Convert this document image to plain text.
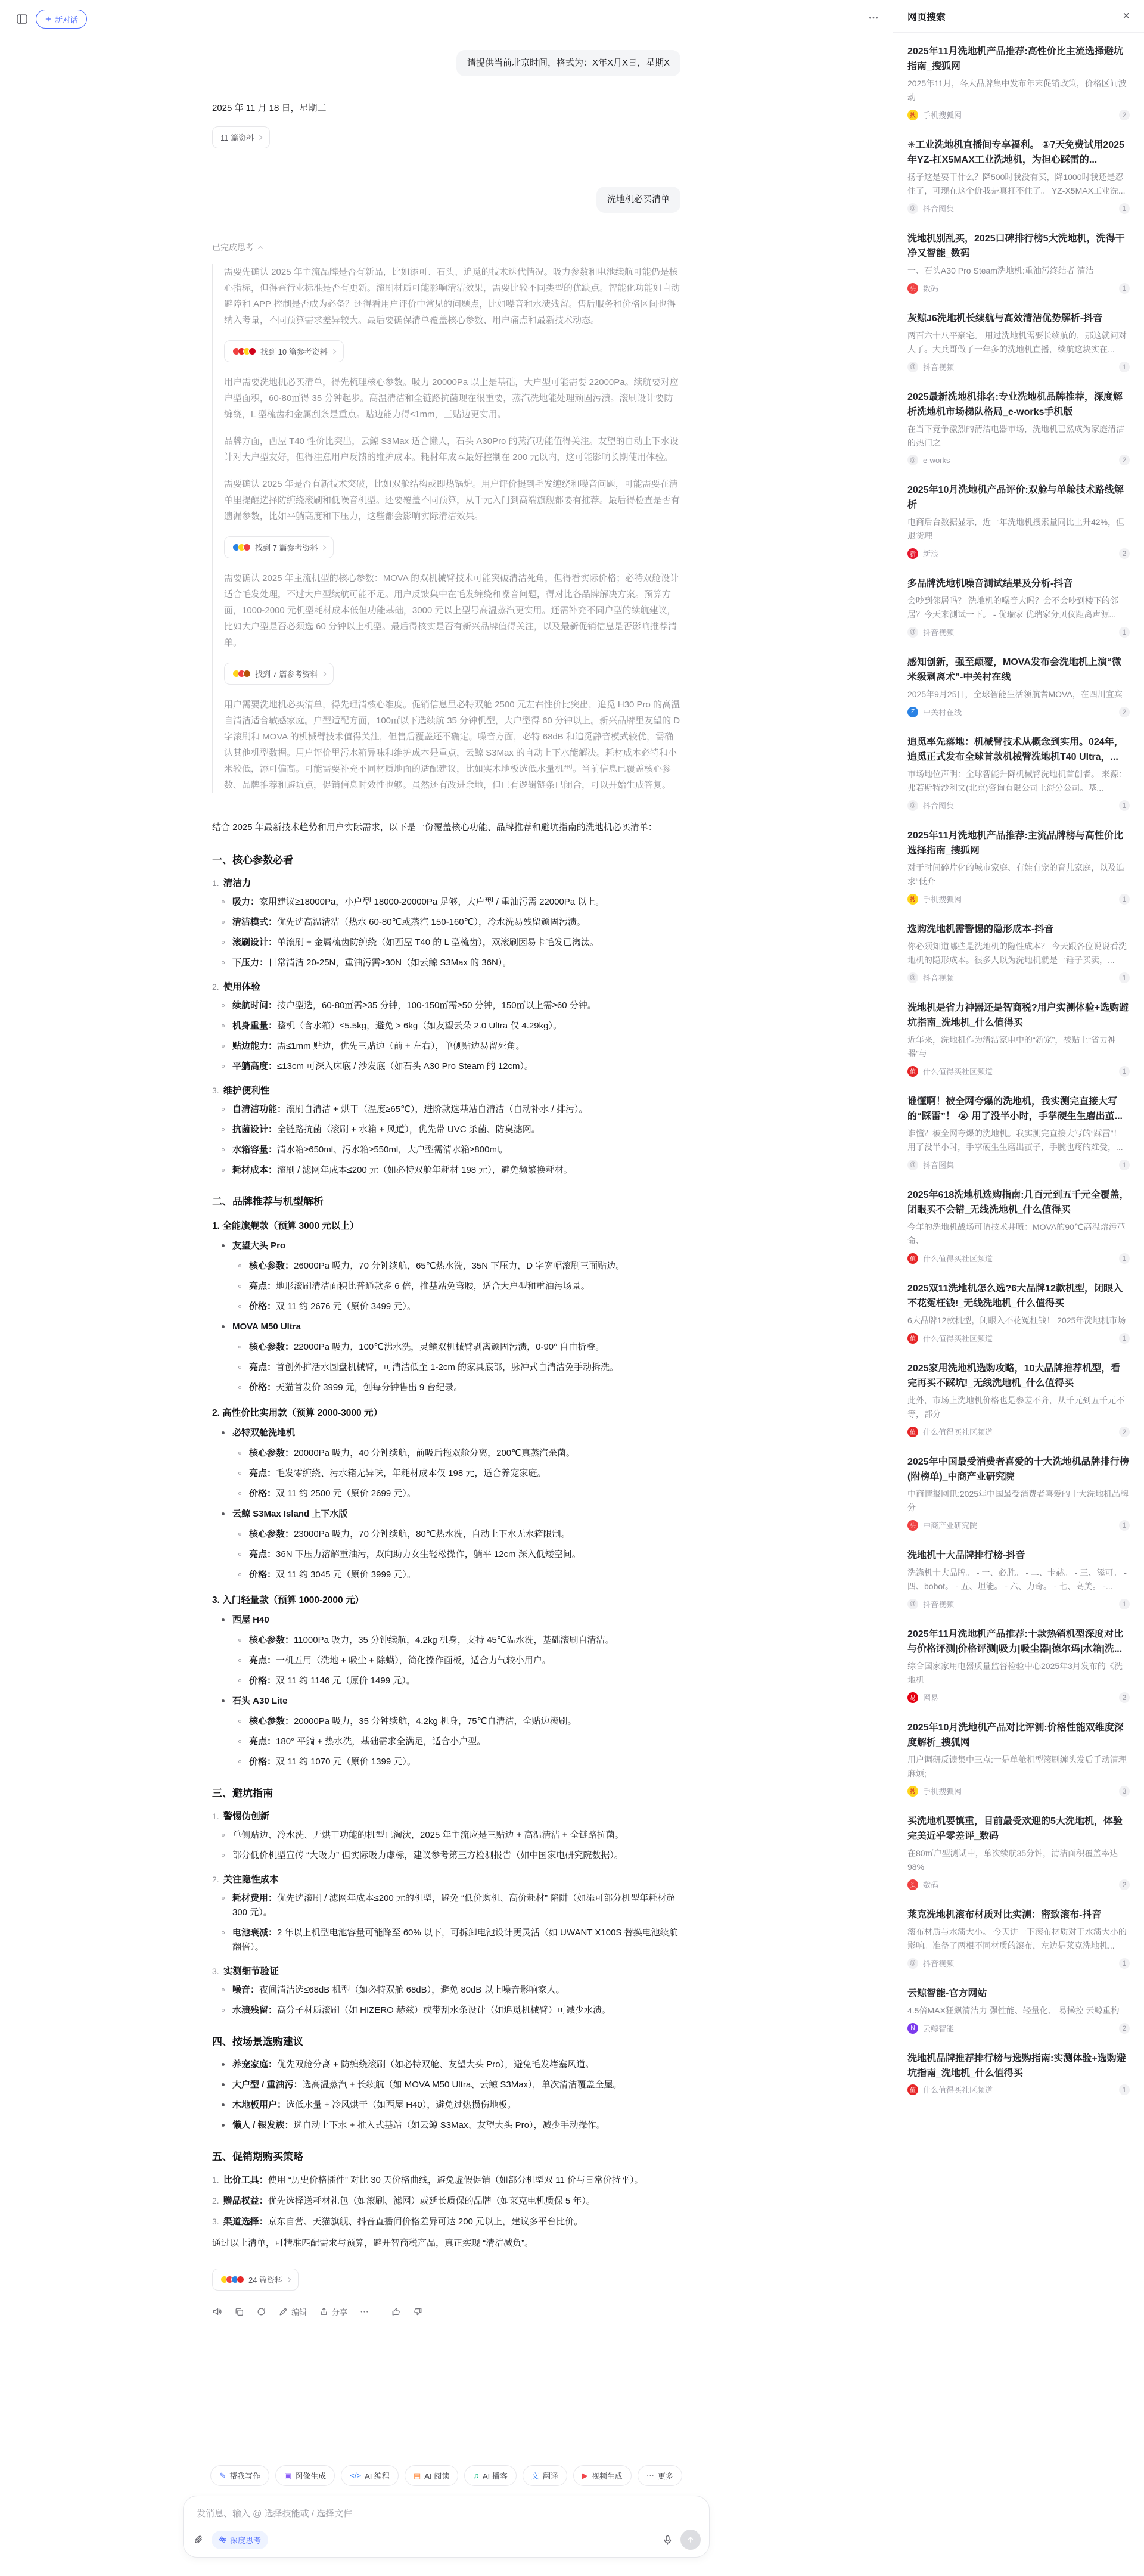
新对话
请提供当前北京时间，格式为：X年X月X日，星期X
2025 年 11 月 18 日，星期二
11 篇资料
洗地机必买清单
已完成思考
需要先确认 2025 年主流品牌是否有新品，比如添可、石头、追觅的技术迭代情况。吸力参数和电池续航可能仍是核心指标，但得查行业标准是否有更新。滚刷材质可能影响清洁效果，需要比较不同类型的优缺点。智能化功能如自动避障和 APP 控制是否成为必备？还得看用户评价中常见的问题点，比如噪音和水渍残留。售后服务和价格区间也得纳入考量，不同预算需求差异较大。最后要确保清单覆盖核心参数、用户痛点和最新技术动态。
找到 10 篇参考资料
用户需要洗地机必买清单，得先梳理核心参数。吸力 20000Pa 以上是基础，大户型可能需要 22000Pa。续航要对应户型面积，60-80㎡得 35 分钟起步。高温清洁和全链路抗菌现在很重要，蒸汽洗地能处理顽固污渍。滚刷设计要防缠绕，L 型梳齿和金属刮条是重点。贴边能力得≤1mm，三贴边更实用。
品牌方面，西屋 T40 性价比突出，云鲸 S3Max 适合懒人，石头 A30Pro 的蒸汽功能值得关注。友望的自动上下水设计对大户型友好，但得注意用户反馈的维护成本。耗材年成本最好控制在 200 元以内，这可能影响长期使用体验。
需要确认 2025 年是否有新技术突破，比如双舱结构或即热锅炉。用户评价提到毛发缠绕和噪音问题，可能需要在清单里提醒选择防缠绕滚刷和低噪音机型。还要覆盖不同预算，从千元入门到高端旗舰都要有推荐。最后得检查是否有遗漏参数，比如平躺高度和下压力，这些都会影响实际清洁效果。
找到 7 篇参考资料
需要确认 2025 年主流机型的核心参数：MOVA 的双机械臂技术可能突破清洁死角，但得看实际价格；必特双舱设计适合毛发处理，不过大户型续航可能不足。用户反馈集中在毛发缠绕和噪音问题，得对比各品牌解决方案。预算方面，1000-2000 元机型耗材成本低但功能基础，3000 元以上型号高温蒸汽更实用。还需补充不同户型的续航建议，比如大户型是否必须选 60 分钟以上机型。最后得核实是否有新兴品牌值得关注，以及最新促销信息是否影响推荐清单。
找到 7 篇参考资料
用户需要洗地机必买清单，得先理清核心维度。促销信息里必特双舱 2500 元左右性价比突出，追觅 H30 Pro 的高温自清洁适合敏感家庭。户型适配方面，100㎡以下选续航 35 分钟机型，大户型得 60 分钟以上。新兴品牌里友望的 D 字滚刷和 MOVA 的机械臂技术值得关注，但售后覆盖还不确定。噪音方面，必特 68dB 和追觅静音模式较优，需确认其他机型数据。用户评价里污水箱异味和维护成本是重点，云鲸 S3Max 的自动上下水能解决。耗材成本必特和小米较低，添可偏高。可能需要补充不同材质地面的适配建议，比如实木地板选低水量机型。当前信息已覆盖核心参数、品牌推荐和避坑点，促销信息时效性也够。虽然还有改进余地，但已有逻辑链条已闭合，可以开始生成答复。
结合 2025 年最新技术趋势和用户实际需求，以下是一份覆盖核心功能、品牌推荐和避坑指南的洗地机必买清单：
一、核心参数必看
1. 清洁力
吸力：家用建议≥18000Pa，小户型 18000-20000Pa 足够，大户型 / 重油污需 22000Pa 以上。
清洁模式：优先选高温清洁（热水 60-80℃或蒸汽 150-160℃），冷水洗易残留顽固污渍。
滚刷设计：单滚刷 + 金属梳齿防缠绕（如西屋 T40 的 L 型梳齿），双滚刷因易卡毛发已淘汰。
下压力：日常清洁 20-25N，重油污需≥30N（如云鲸 S3Max 的 36N）。
2. 使用体验
续航时间：按户型选，60-80㎡需≥35 分钟，100-150㎡需≥50 分钟，150㎡以上需≥60 分钟。
机身重量：整机（含水箱）≤5.5kg，避免 > 6kg（如友望云朵 2.0 Ultra 仅 4.29kg）。
贴边能力：需≤1mm 贴边，优先三贴边（前 + 左右），单侧贴边易留死角。
平躺高度：≤13cm 可深入床底 / 沙发底（如石头 A30 Pro Steam 的 12cm）。
3. 维护便利性
自清洁功能：滚刷自清洁 + 烘干（温度≥65℃），进阶款选基站自清洁（自动补水 / 排污）。
抗菌设计：全链路抗菌（滚刷 + 水箱 + 风道），优先带 UVC 杀菌、防臭滤网。
水箱容量：清水箱≥650ml、污水箱≥550ml，大户型需清水箱≥800ml。
耗材成本：滚刷 / 滤网年成本≤200 元（如必特双舱年耗材 198 元），避免频繁换耗材。
二、品牌推荐与机型解析
1. 全能旗舰款（预算 3000 元以上）
友望大头 Pro
核心参数：26000Pa 吸力，70 分钟续航，65℃热水洗，35N 下压力，D 字宽幅滚刷三面贴边。
亮点：地形滚刷清洁面积比普通款多 6 倍，推基站免弯腰，适合大户型和重油污场景。
价格：双 11 约 2676 元（原价 3499 元）。
MOVA M50 Ultra
核心参数：22000Pa 吸力，100℃沸水洗，灵鳍双机械臂剥离顽固污渍，0-90° 自由折叠。
亮点：首创外扩活水圆盘机械臂，可清洁低至 1-2cm 的家具底部，脉冲式自清洁免手动拆洗。
价格：天猫首发价 3999 元，创每分钟售出 9 台纪录。
2. 高性价比实用款（预算 2000-3000 元）
必特双舱洗地机
核心参数：20000Pa 吸力，40 分钟续航，前吸后拖双舱分离，200℃真蒸汽杀菌。
亮点：毛发零缠绕、污水箱无异味，年耗材成本仅 198 元，适合养宠家庭。
价格：双 11 约 2500 元（原价 2699 元）。
云鲸 S3Max Island 上下水版
核心参数：23000Pa 吸力，70 分钟续航，80℃热水洗，自动上下水无水箱限制。
亮点：36N 下压力溶解重油污，双向助力女生轻松操作，躺平 12cm 深入低矮空间。
价格：双 11 约 3045 元（原价 3999 元）。
3. 入门轻量款（预算 1000-2000 元）
西屋 H40
核心参数：11000Pa 吸力，35 分钟续航，4.2kg 机身，支持 45℃温水洗，基础滚刷自清洁。
亮点：一机五用（洗地 + 吸尘 + 除螨），简化操作面板，适合力气较小用户。
价格：双 11 约 1146 元（原价 1499 元）。
石头 A30 Lite
核心参数：20000Pa 吸力，35 分钟续航，4.2kg 机身，75℃自清洁，全贴边滚刷。
亮点：180° 平躺 + 热水洗，基础需求全满足，适合小户型。
价格：双 11 约 1070 元（原价 1399 元）。
三、避坑指南
1. 警惕伪创新
单侧贴边、冷水洗、无烘干功能的机型已淘汰，2025 年主流应是三贴边 + 高温清洁 + 全链路抗菌。
部分低价机型宣传 “大吸力” 但实际吸力虚标，建议参考第三方检测报告（如中国家电研究院数据）。
2. 关注隐性成本
耗材费用：优先选滚刷 / 滤网年成本≤200 元的机型，避免 “低价购机、高价耗材” 陷阱（如添可部分机型年耗材超 300 元）。
电池衰减：2 年以上机型电池容量可能降至 60% 以下，可拆卸电池设计更灵活（如 UWANT X100S 替换电池续航翻倍）。
3. 实测细节验证
噪音：夜间清洁选≤68dB 机型（如必特双舱 68dB），避免 80dB 以上噪音影响家人。
水渍残留：高分子材质滚刷（如 HIZERO 赫兹）或带刮水条设计（如追觅机械臂）可减少水渍。
四、按场景选购建议
养宠家庭：优先双舱分离 + 防缠绕滚刷（如必特双舱、友望大头 Pro），避免毛发堵塞风道。
大户型 / 重油污：选高温蒸汽 + 长续航（如 MOVA M50 Ultra、云鲸 S3Max），单次清洁覆盖全屋。
木地板用户：选低水量 + 冷风烘干（如西屋 H40），避免过热损伤地板。
懒人 / 银发族：选自动上下水 + 推入式基站（如云鲸 S3Max、友望大头 Pro），减少手动操作。
五、促销期购买策略
1. 比价工具：使用 “历史价格插件” 对比 30 天价格曲线，避免虚假促销（如部分机型双 11 价与日常价持平）。
2. 赠品权益：优先选择送耗材礼包（如滚刷、滤网）或延长质保的品牌（如莱克电机质保 5 年）。
3. 渠道选择：京东自营、天猫旗舰、抖音直播间价格差异可达 200 元以上，建议多平台比价。
通过以上清单，可精准匹配需求与预算，避开智商税产品，真正实现 “清洁减负”。
24 篇资料
编辑	分享
✎ 帮我写作	▣ 图像生成	</> AI 编程	▤ AI 阅读	♫ AI 播客	文 翻译	▶ 视频生成	⋯ 更多
发消息、输入 @ 选择技能或 / 选择文件
深度思考
网页搜索	×
2025年11月洗地机产品推荐:高性价比主流选择避坑指南_搜狐网
2025年11月，各大品牌集中发布年末促销政策，价格区间波动
搜 手机搜狐网	2
✳工业洗地机直播间专享福利。 ①7天免费试用2025年YZ-杠X5MAX工业洗地机，为担心踩雷的...
扬子这是要干什么？降500时我没有买，降1000时我还是忍住了，可现在这个价我是真扛不住了。 YZ-X5MAX工业洗...
@ 抖音图集	1
洗地机别乱买，2025口碑排行榜5大洗地机，洗得干净又智能_数码
一、石头A30 Pro Steam洗地机:重油污终结者 清洁
头 数码	1
灰鲸J6洗地机长续航与高效清洁优势解析-抖音
两百六十八平豪宅。 用过洗地机需要长续航的，那这就问对人了。大兵哥做了一年多的洗地机直播，续航这块实在...
@ 抖音视频	1
2025最新洗地机排名:专业洗地机品牌推荐，深度解析洗地机市场梯队格局_e-works手机版
在当下竞争激烈的清洁电器市场，洗地机已然成为家庭清洁的热门之
@ e-works	2
2025年10月洗地机产品评价:双舱与单舱技术路线解析
电商后台数据显示，近一年洗地机搜索量同比上升42%，但退货理
新 新浪	2
多品牌洗地机噪音测试结果及分析-抖音
会吵到邻居吗？ 洗地机的噪音大吗？会不会吵到楼下的邻居？今天来测试一下。 - 优瑞家 优瑞家分贝仪距离声源...
@ 抖音视频	1
感知创新，强至颠覆，MOVA发布会洗地机上演“微米级剥离术”-中关村在线
2025年9月25日，全球智能生活领航者MOVA，在四川宜宾
Z	中关村在线	2
追觅率先落地：机械臂技术从概念到实用。024年，追觅正式发布全球首款机械臂洗地机T40 Ultra，...
市场地位声明：全球智能升降机械臂洗地机首创者。 来源：弗若斯特沙利文(北京)咨询有限公司上海分公司。基...
@ 抖音图集	1
2025年11月洗地机产品推荐:主流品牌榜与高性价比选择指南_搜狐网
对于时间碎片化的城市家庭、有娃有宠的育儿家庭，以及追求“低介
搜 手机搜狐网	1
选购洗地机需警惕的隐形成本-抖音
你必须知道哪些是洗地机的隐性成本？ 今天跟各位说说看洗地机的隐形成本。很多人以为洗地机就是一锤子买卖，...
@ 抖音视频	1
洗地机是省力神器还是智商税?用户实测体验+选购避坑指南_洗地机_什么值得买
近年来，洗地机作为清洁家电中的“新宠”，被贴上“省力神器”与
值 什么值得买社区频道	1
谁懂啊！被全网夸爆的洗地机，我实测完直接大写的“踩雷”！ 😭 用了没半小时，手掌硬生生磨出茧...
谁懂？被全网夸爆的洗地机。我实测完直接大写的“踩雷”！用了没半小时，手掌硬生生磨出茧子，手腕也疼的难受，...
@ 抖音图集	1
2025年618洗地机选购指南:几百元到五千元全覆盖，闭眼买不会错_无线洗地机_什么值得买
今年的洗地机战场可谓技术井喷：MOVA的90℃高温熔污革命、
值 什么值得买社区频道	1
2025双11洗地机怎么选?6大品牌12款机型，闭眼入不花冤枉钱!_无线洗地机_什么值得买
6大品牌12款机型，闭眼入不花冤枉钱！ 2025年洗地机市场
值 什么值得买社区频道	1
2025家用洗地机选购攻略，10大品牌推荐机型，看完再买不踩坑!_无线洗地机_什么值得买
此外，市场上洗地机价格也是参差不齐，从千元到五千元不等，部分
值 什么值得买社区频道	2
2025年中国最受消费者喜爱的十大洗地机品牌排行榜(附榜单)_中商产业研究院
中商情报网讯:2025年中国最受消费者喜爱的十大洗地机品牌分
头 中商产业研究院	1
洗地机十大品牌排行榜-抖音
洗涤机十大品牌。 - 一、必胜。 - 二、卡赫。 - 三、添可。 - 四、bobot。 - 五、坦能。 - 六、力奇。 - 七、高美。 -...
@ 抖音视频	1
2025年11月洗地机产品推荐:十款热销机型深度对比与价格评测|价格评测|吸力|吸尘器|德尔玛|水箱|洗...
综合国家家用电器质量监督检验中心2025年3月发布的《洗地机
易 网易	2
2025年10月洗地机产品对比评测:价格性能双维度深度解析_搜狐网
用户调研反馈集中三点:一是单舱机型滚刷缠头发后手动清理麻烦;
搜 手机搜狐网	3
买洗地机要慎重，目前最受欢迎的5大洗地机，体验完美近乎零差评_数码
在80㎡户型测试中，单次续航35分钟，清洁面积覆盖率达98%
头 数码	2
莱克洗地机滚布材质对比实测：密致滚布-抖音
滚布材质与水渍大小。 今天讲一下滚布材质对于水渍大小的影响。准备了两根不同材质的滚布，左边是莱克洗地机...
@ 抖音视频	1
云鲸智能-官方网站
4.5倍MAX狂飙清洁力 强性能、轻量化、 易操控 云鲸重构
N	云鲸智能	2
洗地机品牌推荐排行榜与选购指南:实测体验+选购避坑指南_洗地机_什么值得买
值 什么值得买社区频道	1
